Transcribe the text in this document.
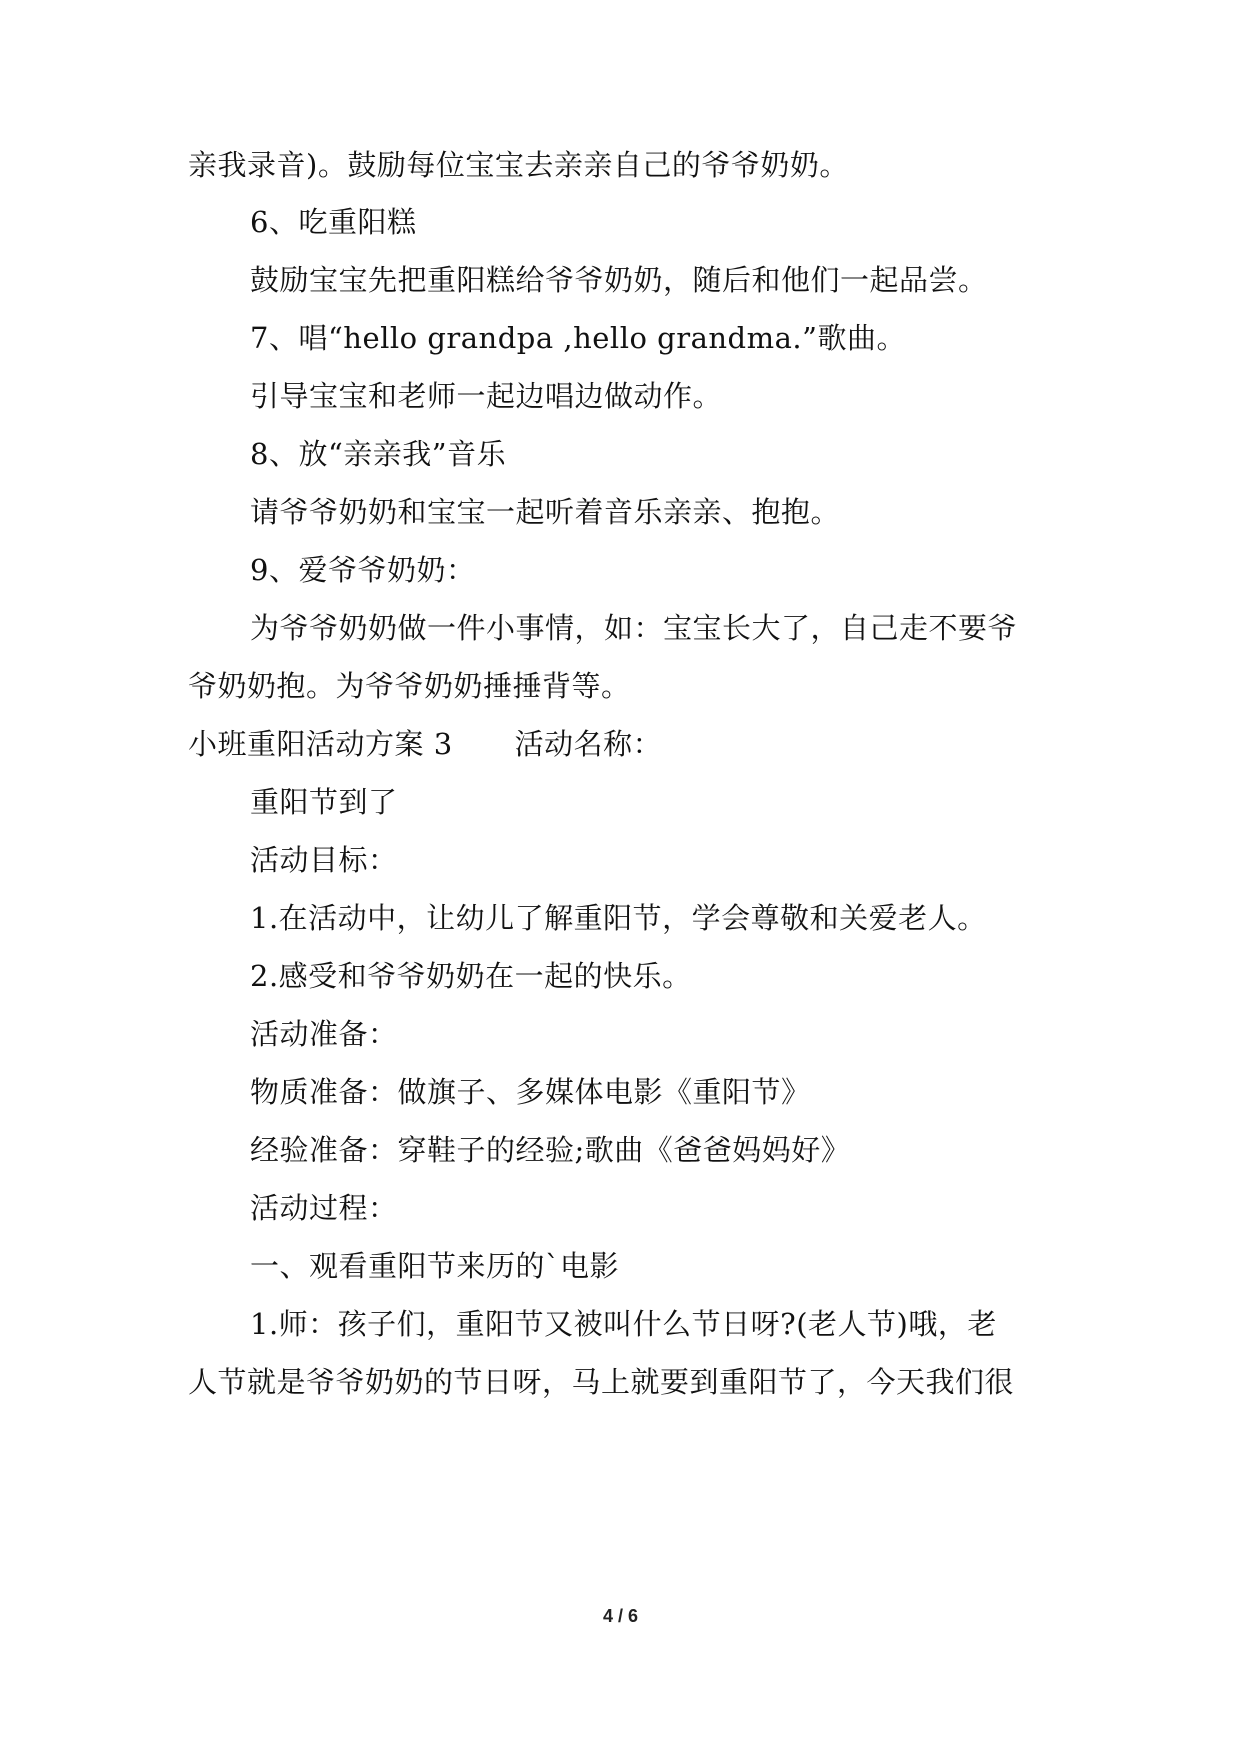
亲我录音)。鼓励每位宝宝去亲亲自己的爷爷奶奶。
6、吃重阳糕
鼓励宝宝先把重阳糕给爷爷奶奶，随后和他们一起品尝。
7、唱“hello grandpa ,hello grandma.”歌曲。
引导宝宝和老师一起边唱边做动作。
8、放“亲亲我”音乐
请爷爷奶奶和宝宝一起听着音乐亲亲、抱抱。
9、爱爷爷奶奶：
为爷爷奶奶做一件小事情，如：宝宝长大了，自己走不要爷
爷奶奶抱。为爷爷奶奶捶捶背等。
小班重阳活动方案 3 活动名称：
重阳节到了
活动目标：
1.在活动中，让幼儿了解重阳节，学会尊敬和关爱老人。
2.感受和爷爷奶奶在一起的快乐。
活动准备：
物质准备：做旗子、多媒体电影《重阳节》
经验准备：穿鞋子的经验;歌曲《爸爸妈妈好》
活动过程：
一、观看重阳节来历的`电影
1.师：孩子们，重阳节又被叫什么节日呀?(老人节)哦，老
人节就是爷爷奶奶的节日呀，马上就要到重阳节了，今天我们很
4 / 6
